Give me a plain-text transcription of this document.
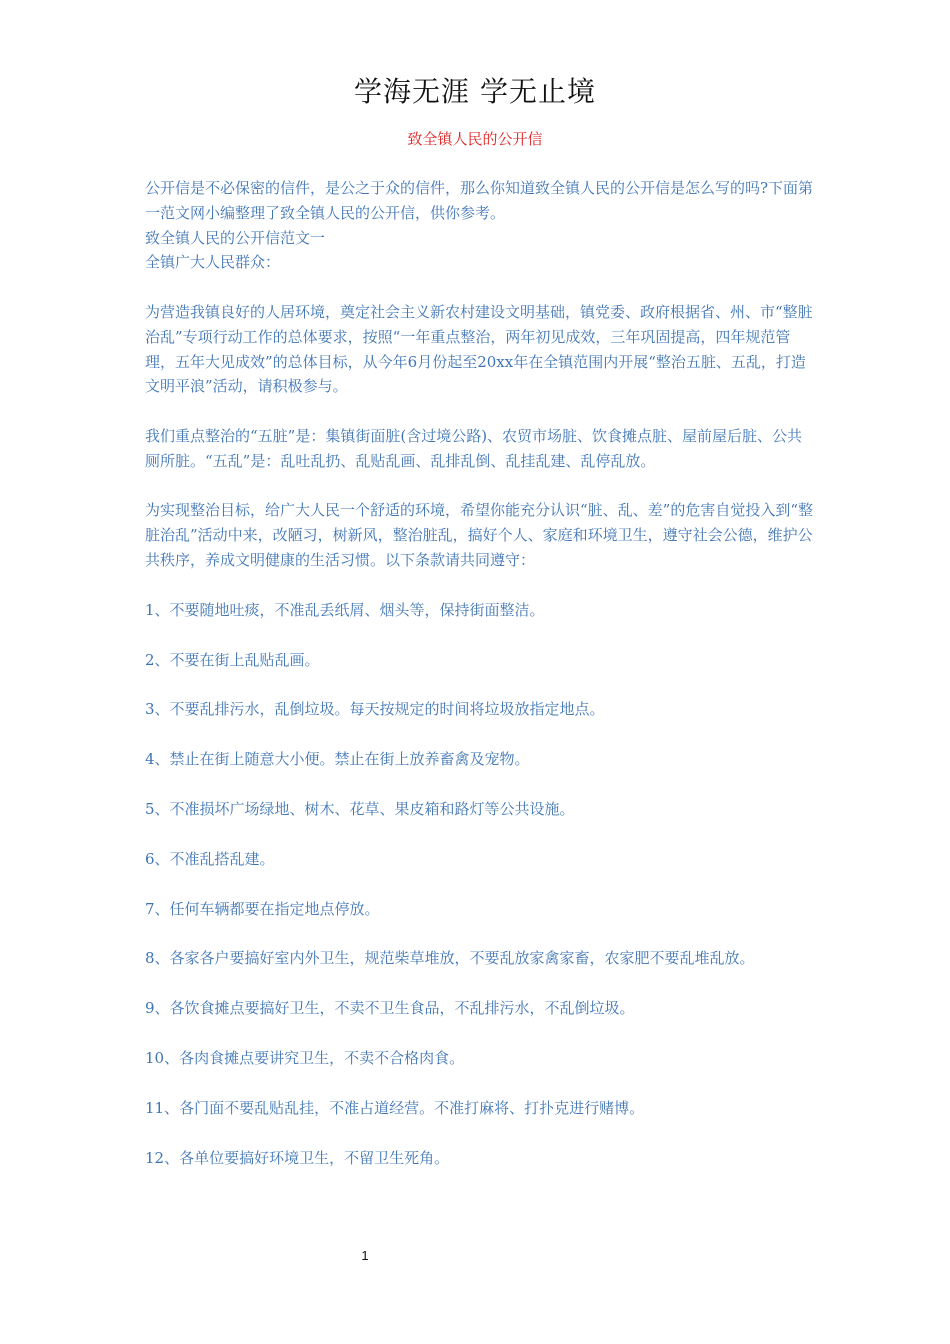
学海无涯 学无止境
致全镇人民的公开信

公开信是不必保密的信件，是公之于众的信件，那么你知道致全镇人民的公开信是怎么写的吗?下面第一范文网小编整理了致全镇人民的公开信，供你参考。

致全镇人民的公开信范文一

全镇广大人民群众：

为营造我镇良好的人居环境，奠定社会主义新农村建设文明基础，镇党委、政府根据省、州、市“整脏治乱”专项行动工作的总体要求，按照“一年重点整治，两年初见成效，三年巩固提高，四年规范管理，五年大见成效”的总体目标，从今年6月份起至20xx年在全镇范围内开展“整治五脏、五乱，打造文明平浪”活动，请积极参与。

我们重点整治的“五脏”是：集镇街面脏(含过境公路)、农贸市场脏、饮食摊点脏、屋前屋后脏、公共厕所脏。“五乱”是：乱吐乱扔、乱贴乱画、乱排乱倒、乱挂乱建、乱停乱放。

为实现整治目标，给广大人民一个舒适的环境，希望你能充分认识“脏、乱、差”的危害自觉投入到“整脏治乱”活动中来，改陋习，树新风，整治脏乱，搞好个人、家庭和环境卫生，遵守社会公德，维护公共秩序，养成文明健康的生活习惯。以下条款请共同遵守：

1、不要随地吐痰，不准乱丢纸屑、烟头等，保持街面整洁。

2、不要在街上乱贴乱画。

3、不要乱排污水，乱倒垃圾。每天按规定的时间将垃圾放指定地点。

4、禁止在街上随意大小便。禁止在街上放养畜禽及宠物。

5、不准损坏广场绿地、树木、花草、果皮箱和路灯等公共设施。

6、不准乱搭乱建。

7、任何车辆都要在指定地点停放。

8、各家各户要搞好室内外卫生，规范柴草堆放，不要乱放家禽家畜，农家肥不要乱堆乱放。

9、各饮食摊点要搞好卫生，不卖不卫生食品，不乱排污水，不乱倒垃圾。

10、各肉食摊点要讲究卫生，不卖不合格肉食。

11、各门面不要乱贴乱挂，不准占道经营。不准打麻将、打扑克进行赌博。

12、各单位要搞好环境卫生，不留卫生死角。

1
